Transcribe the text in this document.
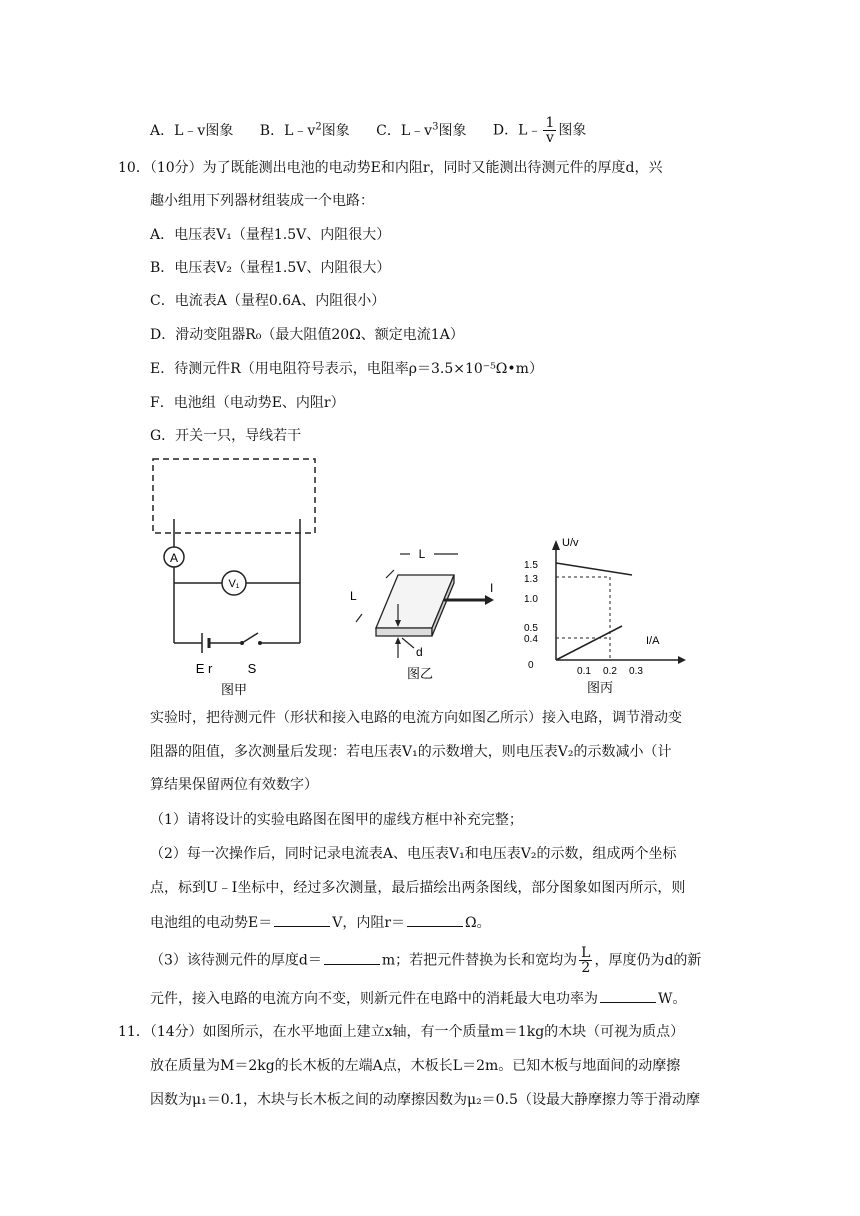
A．L﹣v图象 B．$L﹣v^2$图象 C．$L﹣v^3$图象 D．L﹣ $\frac{1}{v}$ 图象
10．（10分）为了既能测出电池的电动势E和内阻r，同时又能测出待测元件的厚度d，兴
趣小组用下列器材组装成一个电路：
A．电压表V₁（量程1.5V、内阻很大）
B．电压表V₂（量程1.5V、内阻很大）
C．电流表A（量程0.6A、内阻很小）
D．滑动变阻器R₀（最大阻值20Ω、额定电流1A）
E．待测元件R（用电阻符号表示，电阻率ρ＝3.5×10⁻⁵Ω•m）
F．电池组（电动势E、内阻r）
G．开关一只，导线若干
A
V₁
E r	S
图甲
L
I
L
d
图乙
U/v
I/A
1.5
1.3
1.0
0.5
0.4
0
0.1 0.2 0.3
图丙
实验时，把待测元件（形状和接入电路的电流方向如图乙所示）接入电路，调节滑动变
阻器的阻值，多次测量后发现：若电压表V₁的示数增大，则电压表V₂的示数减小（计
算结果保留两位有效数字）
（1）请将设计的实验电路图在图甲的虚线方框中补充完整；
（2）每一次操作后，同时记录电流表A、电压表V₁和电压表V₂的示数，组成两个坐标
点，标到U﹣I坐标中，经过多次测量，最后描绘出两条图线，部分图象如图丙所示，则
电池组的电动势E＝	V，内阻r＝	Ω。
（3）该待测元件的厚度d＝	m；若把元件替换为长和宽均为 $\frac{L}{2}$ ，厚度仍为d的新
元件，接入电路的电流方向不变，则新元件在电路中的消耗最大电功率为	W。
11．（14分）如图所示，在水平地面上建立x轴，有一个质量m＝1kg的木块（可视为质点）
放在质量为M＝2kg的长木板的左端A点，木板长L＝2m。已知木板与地面间的动摩擦
因数为μ₁＝0.1，木块与长木板之间的动摩擦因数为μ₂＝0.5（设最大静摩擦力等于滑动摩
